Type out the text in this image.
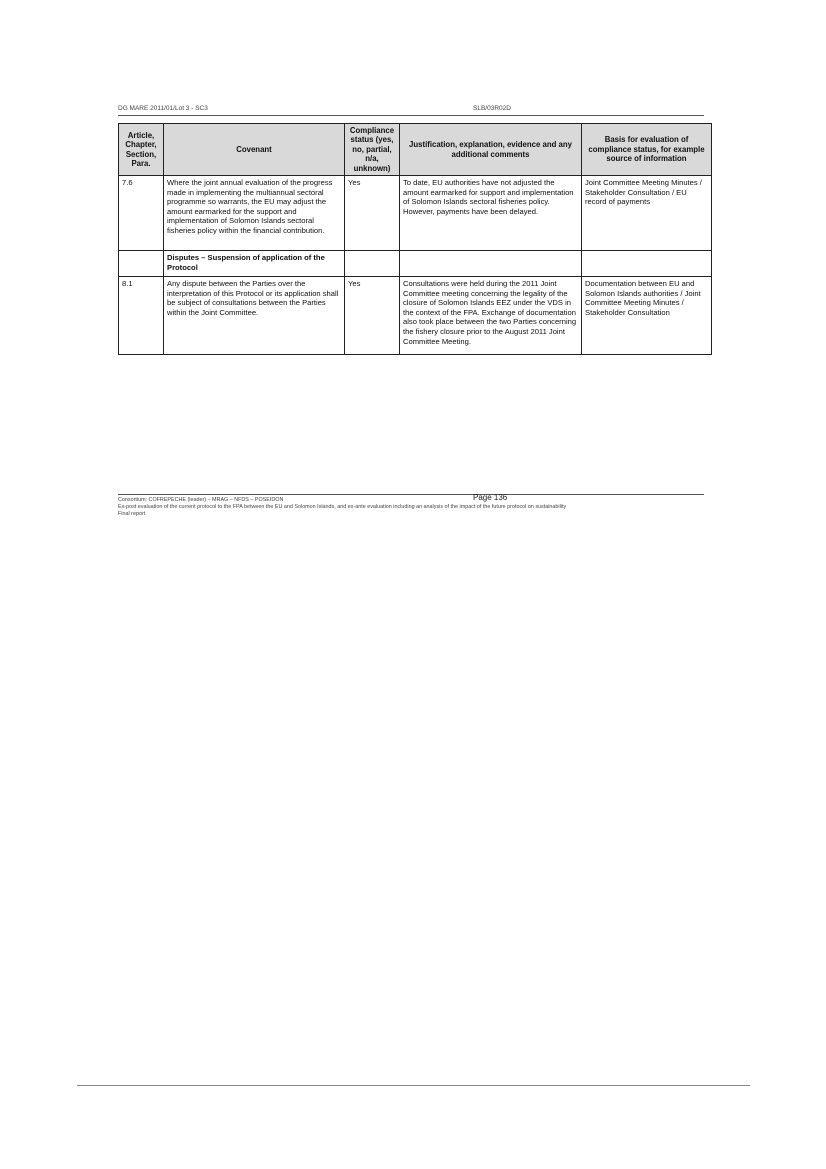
DG MARE 2011/01/Lot 3 - SC3	SLB/03R02D
Article, Chapter, Section, Para.	Covenant	Compliance status (yes, no, partial, n/a, unknown)	Justification, explanation, evidence and any additional comments	Basis for evaluation of compliance status, for example source of information
7.6	Where the joint annual evaluation of the progress made in implementing the multiannual sectoral programme so warrants, the EU may adjust the amount earmarked for the support and implementation of Solomon Islands sectoral fisheries policy within the financial contribution.	Yes	To date, EU authorities have not adjusted the amount earmarked for support and implementation of Solomon Islands sectoral fisheries policy. However, payments have been delayed.	Joint Committee Meeting Minutes / Stakeholder Consultation / EU record of payments
	Disputes – Suspension of application of the Protocol			
8.1	Any dispute between the Parties over the interpretation of this Protocol or its application shall be subject of consultations between the Parties within the Joint Committee.	Yes	Consultations were held during the 2011 Joint Committee meeting concerning the legality of the closure of Solomon Islands EEZ under the VDS in the context of the FPA. Exchange of documentation also took place between the two Parties concerning the fishery closure prior to the August 2011 Joint Committee Meeting.	Documentation between EU and Solomon Islands authorities / Joint Committee Meeting Minutes / Stakeholder Consultation
Consortium: COFREPECHE (leader) – MRAG – NFDS – POSEIDON	Page 136
Ex-post evaluation of the current protocol to the FPA between the EU and Solomon Islands, and ex-ante evaluation including an analysis of the impact of the future protocol on sustainability
Final report
